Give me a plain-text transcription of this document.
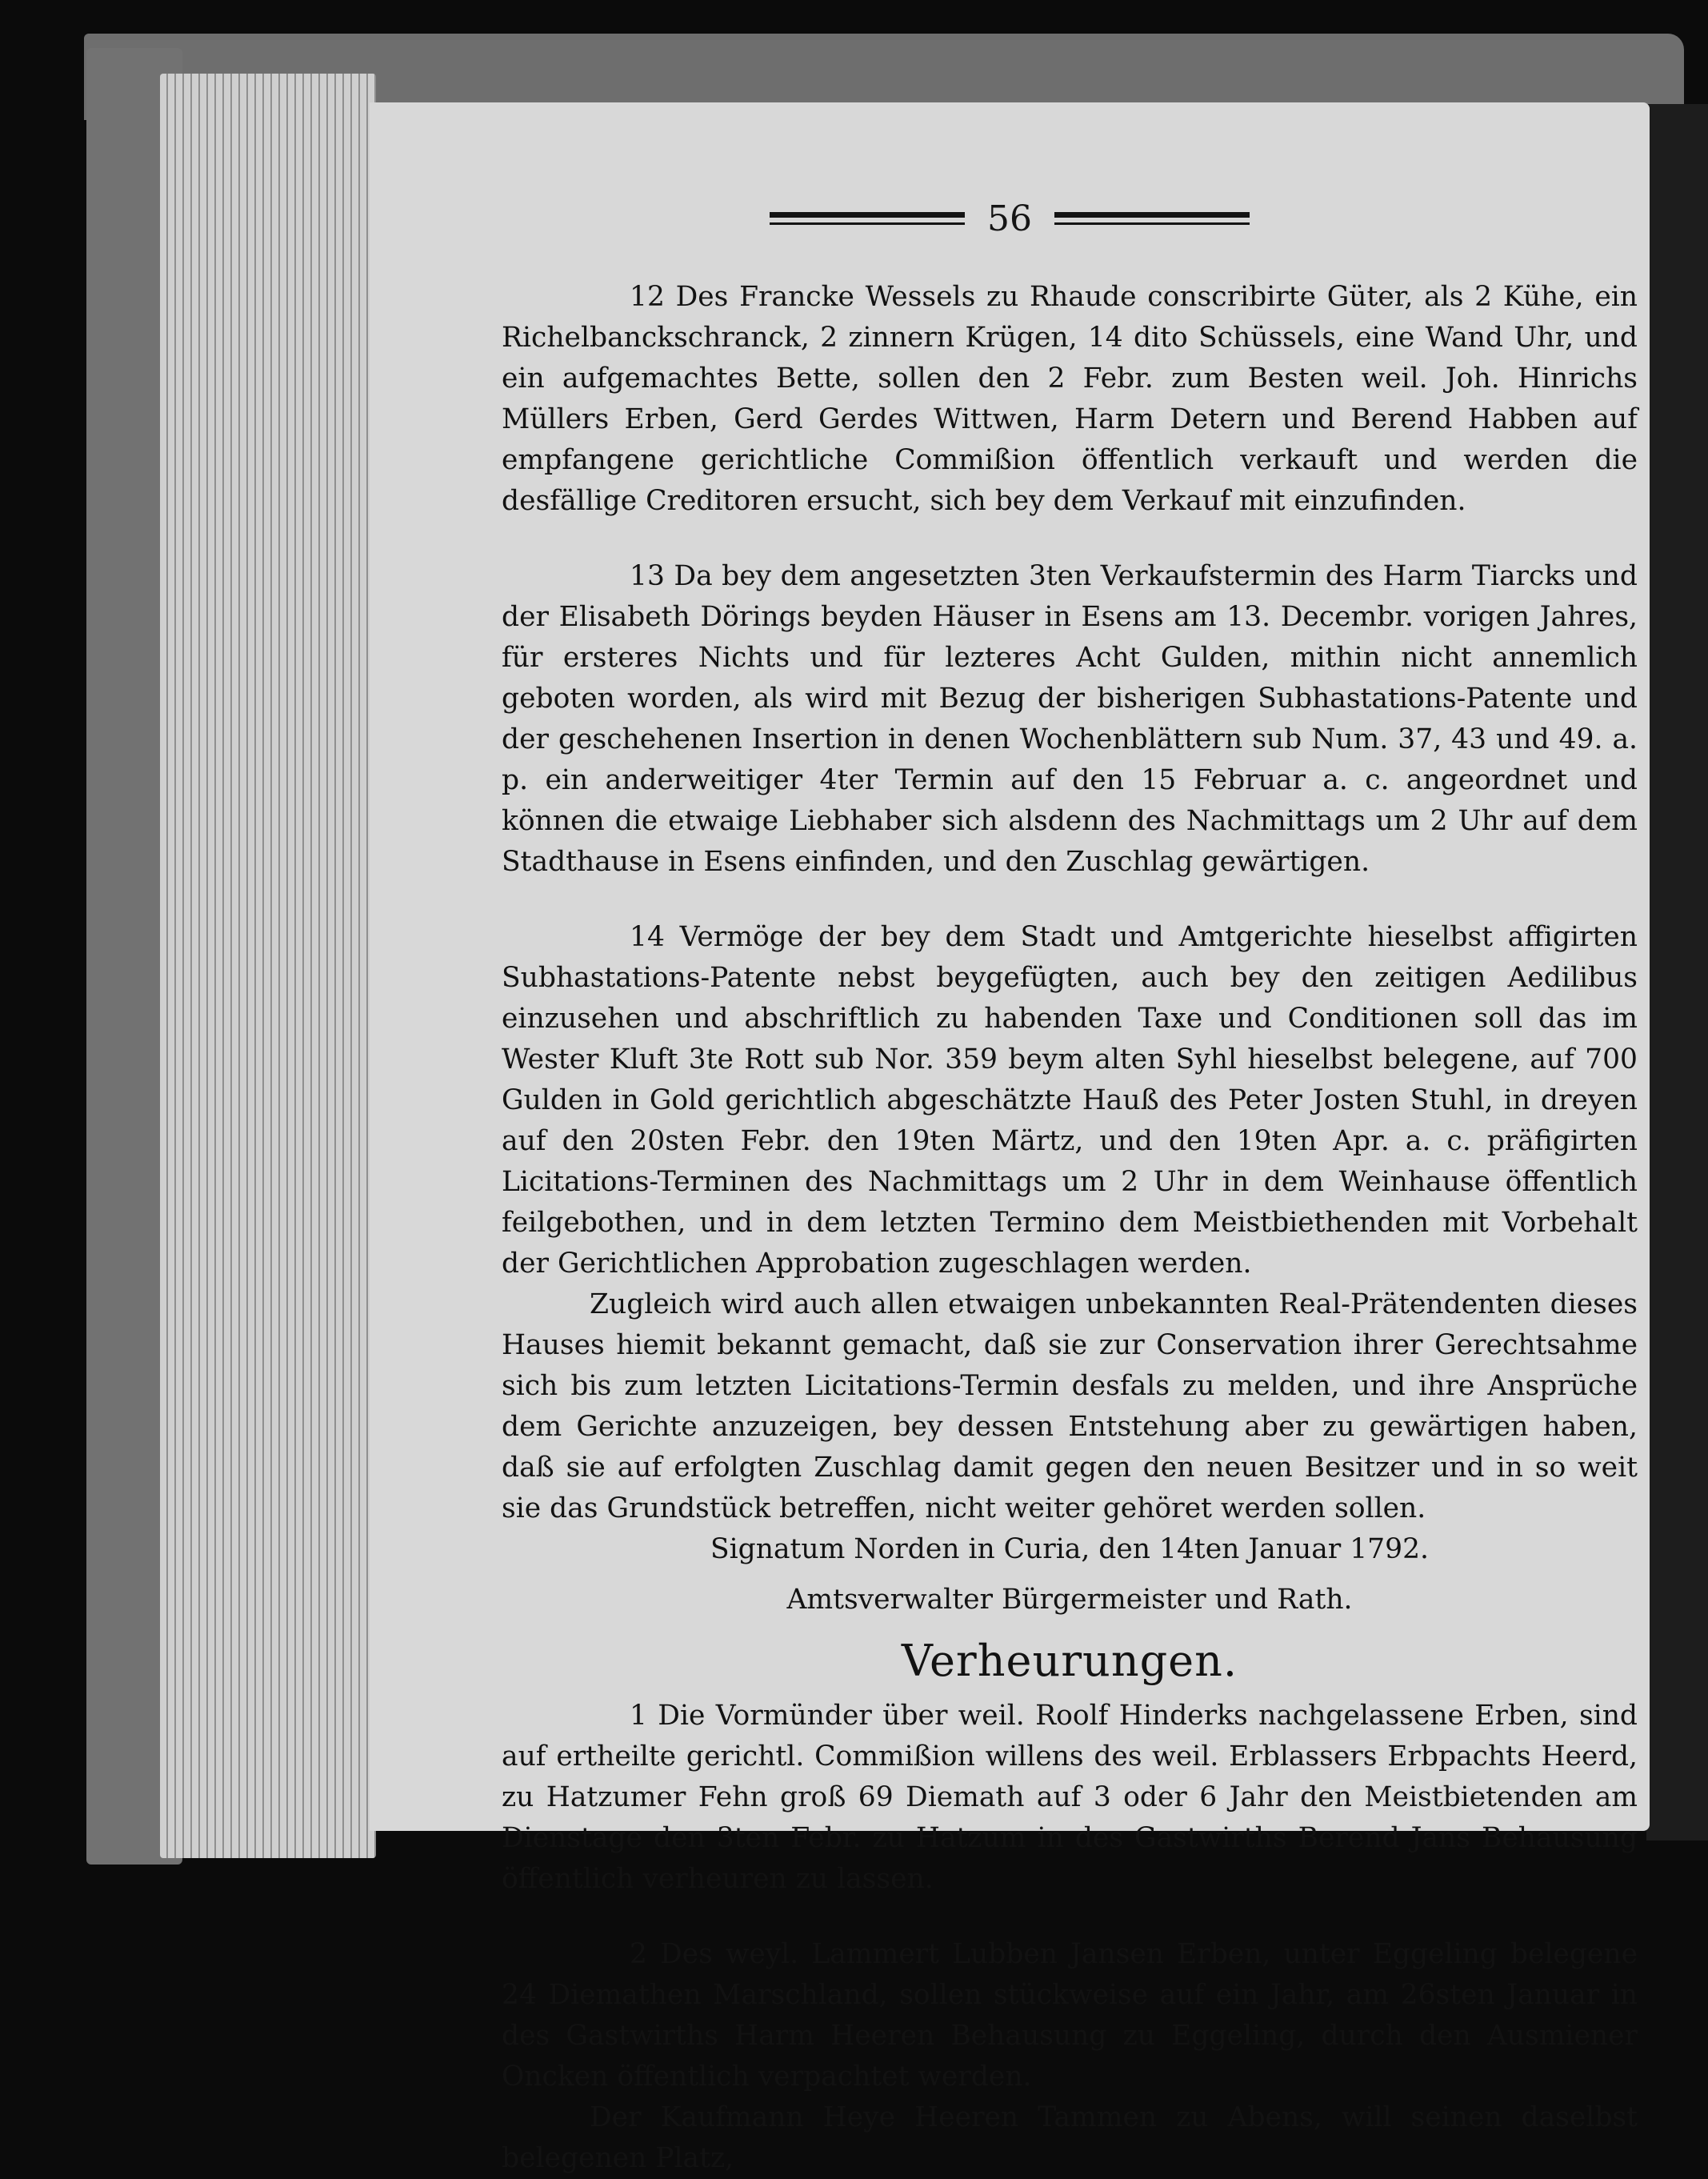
56

12 Des Francke Wessels zu Rhaude conscribirte Güter, als 2 Kühe, ein Richelbanckschranck, 2 zinnern Krügen, 14 dito Schüssels, eine Wand Uhr, und ein aufgemachtes Bette, sollen den 2 Febr. zum Besten weil. Joh. Hinrichs Müllers Erben, Gerd Gerdes Wittwen, Harm Detern und Berend Habben auf empfangene gerichtliche Commißion öffentlich verkauft und werden die desfällige Creditoren ersucht, sich bey dem Verkauf mit einzufinden.

13 Da bey dem angesetzten 3ten Verkaufstermin des Harm Tiarcks und der Elisabeth Dörings beyden Häuser in Esens am 13. Decembr. vorigen Jahres, für ersteres Nichts und für lezteres Acht Gulden, mithin nicht annemlich geboten worden, als wird mit Bezug der bisherigen Subhastations-Patente und der geschehenen Insertion in denen Wochenblättern sub Num. 37, 43 und 49. a. p. ein anderweitiger 4ter Termin auf den 15 Februar a. c. angeordnet und können die etwaige Liebhaber sich alsdenn des Nachmittags um 2 Uhr auf dem Stadthause in Esens einfinden, und den Zuschlag gewärtigen.

14 Vermöge der bey dem Stadt und Amtgerichte hieselbst affigirten Subhastations-Patente nebst beygefügten, auch bey den zeitigen Aedilibus einzusehen und abschriftlich zu habenden Taxe und Conditionen soll das im Wester Kluft 3te Rott sub Nor. 359 beym alten Syhl hieselbst belegene, auf 700 Gulden in Gold gerichtlich abgeschätzte Hauß des Peter Josten Stuhl, in dreyen auf den 20sten Febr. den 19ten Märtz, und den 19ten Apr. a. c. präfigirten Licitations-Terminen des Nachmittags um 2 Uhr in dem Weinhause öffentlich feilgebothen, und in dem letzten Termino dem Meistbiethenden mit Vorbehalt der Gerichtlichen Approbation zugeschlagen werden.

Zugleich wird auch allen etwaigen unbekannten Real-Prätendenten dieses Hauses hiemit bekannt gemacht, daß sie zur Conservation ihrer Gerechtsahme sich bis zum letzten Licitations-Termin desfals zu melden, und ihre Ansprüche dem Gerichte anzuzeigen, bey dessen Entstehung aber zu gewärtigen haben, daß sie auf erfolgten Zuschlag damit gegen den neuen Besitzer und in so weit sie das Grundstück betreffen, nicht weiter gehöret werden sollen.

Signatum Norden in Curia, den 14ten Januar 1792.

Amtsverwalter Bürgermeister und Rath.

Verheurungen.

1 Die Vormünder über weil. Roolf Hinderks nachgelassene Erben, sind auf ertheilte gerichtl. Commißion willens des weil. Erblassers Erbpachts Heerd, zu Hatzumer Fehn groß 69 Diemath auf 3 oder 6 Jahr den Meistbietenden am Dienstage den 3ten Febr. zu Hatzum in des Gastwirths Berend Jans Behausung öffentlich verheuren zu lassen.

2 Des weyl. Lammert Lubben Jansen Erben, unter Eggeling belegene 24 Diemathen Marschland, sollen stückweise auf ein Jahr, am 26sten Januar in des Gastwirths Harm Heeren Behausung zu Eggeling, durch den Ausmiener Oncken öffentlich verpachtet werden.

Der Kaufmann Heye Heeren Tammen zu Abens, will seinen daselbst belegenen Platz,
